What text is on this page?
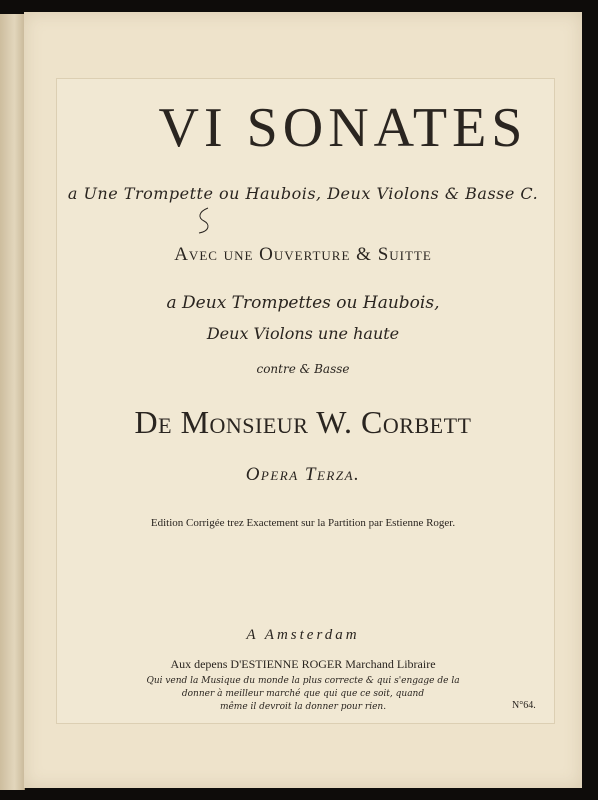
VI SONATES
a Une Trompette ou Haubois, Deux Violons & Basse C.
Avec une Ouverture & Suitte
a Deux Trompettes ou Haubois,
Deux Violons une haute
contre & Basse
De Monsieur W. Corbett
Opera Terza.
Edition Corrigée trez Exactement sur la Partition par Estienne Roger.
A Amsterdam
Aux depens D'ESTIENNE ROGER Marchand Libraire
Qui vend la Musique du monde la plus correcte & qui s'engage de la
donner à meilleur marché que qui que ce soit, quand
même il devroit la donner pour rien.	N°64.
